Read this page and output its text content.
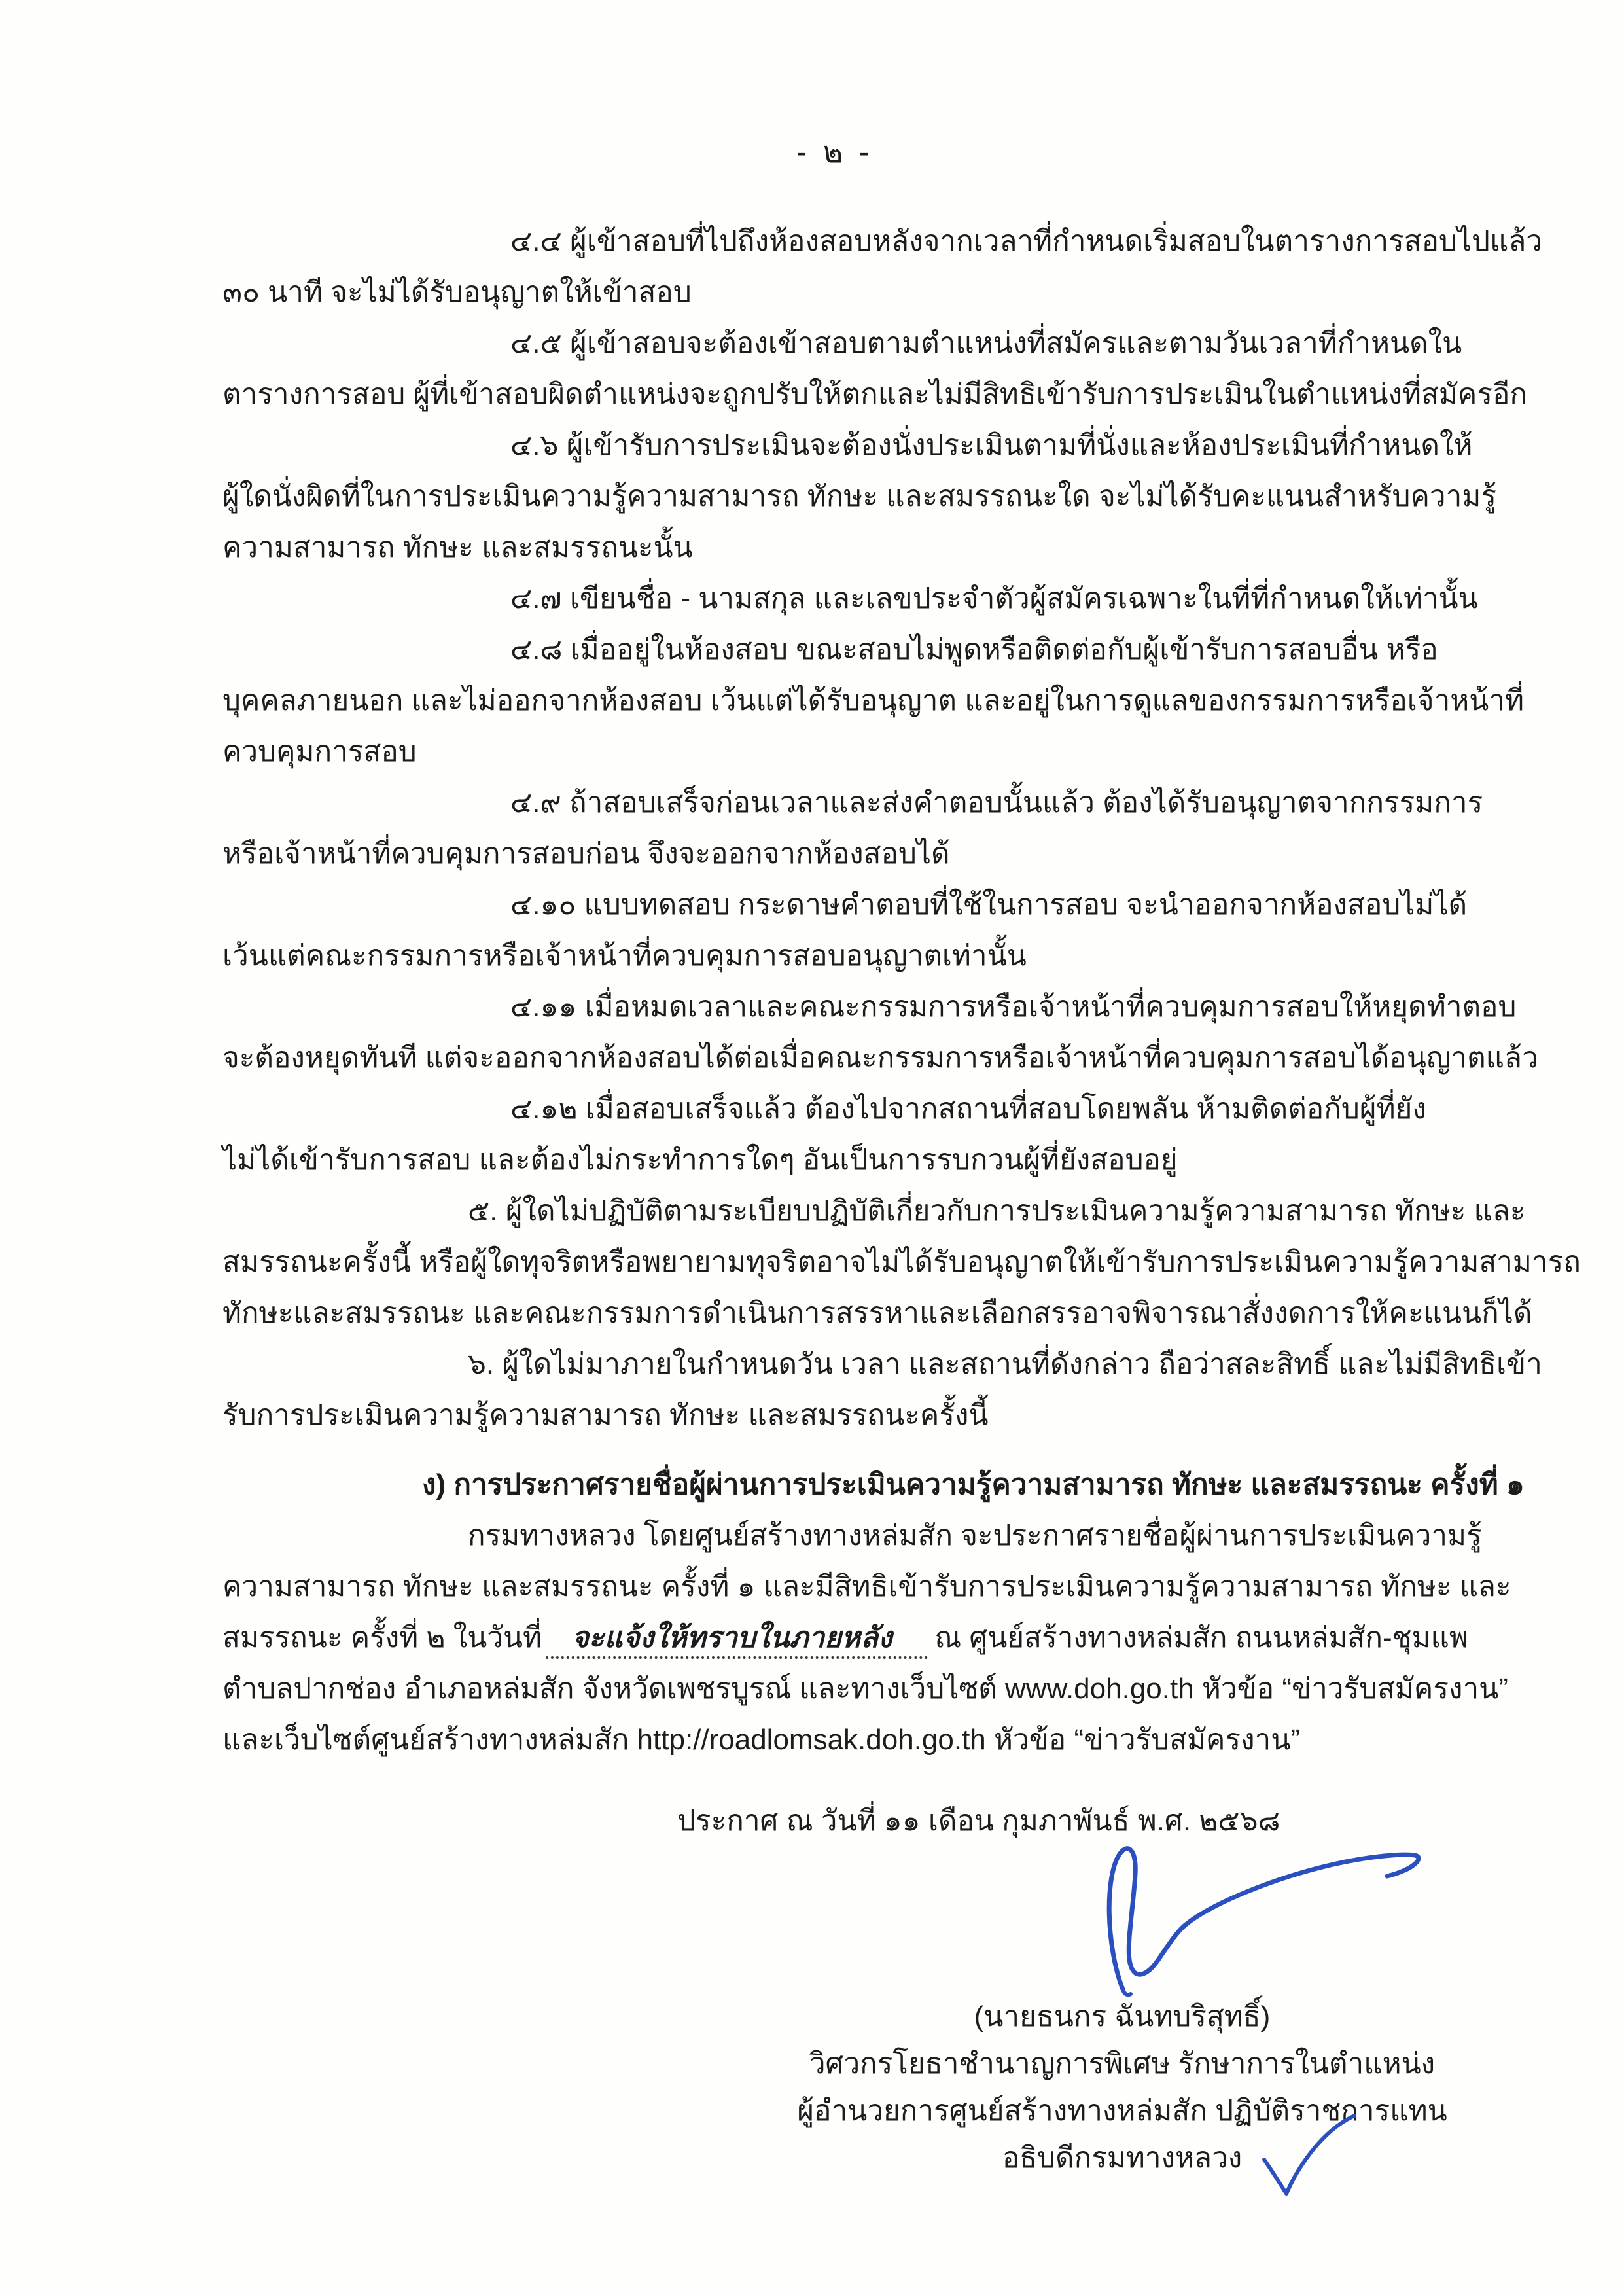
- ๒ -
๔.๔ ผู้เข้าสอบที่ไปถึงห้องสอบหลังจากเวลาที่กำหนดเริ่มสอบในตารางการสอบไปแล้ว
๓๐ นาที จะไม่ได้รับอนุญาตให้เข้าสอบ
๔.๕ ผู้เข้าสอบจะต้องเข้าสอบตามตำแหน่งที่สมัครและตามวันเวลาที่กำหนดใน
ตารางการสอบ ผู้ที่เข้าสอบผิดตำแหน่งจะถูกปรับให้ตกและไม่มีสิทธิเข้ารับการประเมินในตำแหน่งที่สมัครอีก
๔.๖ ผู้เข้ารับการประเมินจะต้องนั่งประเมินตามที่นั่งและห้องประเมินที่กำหนดให้
ผู้ใดนั่งผิดที่ในการประเมินความรู้ความสามารถ ทักษะ และสมรรถนะใด จะไม่ได้รับคะแนนสำหรับความรู้
ความสามารถ ทักษะ และสมรรถนะนั้น
๔.๗ เขียนชื่อ - นามสกุล และเลขประจำตัวผู้สมัครเฉพาะในที่ที่กำหนดให้เท่านั้น
๔.๘ เมื่ออยู่ในห้องสอบ ขณะสอบไม่พูดหรือติดต่อกับผู้เข้ารับการสอบอื่น หรือ
บุคคลภายนอก และไม่ออกจากห้องสอบ เว้นแต่ได้รับอนุญาต และอยู่ในการดูแลของกรรมการหรือเจ้าหน้าที่
ควบคุมการสอบ
๔.๙ ถ้าสอบเสร็จก่อนเวลาและส่งคำตอบนั้นแล้ว ต้องได้รับอนุญาตจากกรรมการ
หรือเจ้าหน้าที่ควบคุมการสอบก่อน จึงจะออกจากห้องสอบได้
๔.๑๐ แบบทดสอบ กระดาษคำตอบที่ใช้ในการสอบ จะนำออกจากห้องสอบไม่ได้
เว้นแต่คณะกรรมการหรือเจ้าหน้าที่ควบคุมการสอบอนุญาตเท่านั้น
๔.๑๑ เมื่อหมดเวลาและคณะกรรมการหรือเจ้าหน้าที่ควบคุมการสอบให้หยุดทำตอบ
จะต้องหยุดทันที แต่จะออกจากห้องสอบได้ต่อเมื่อคณะกรรมการหรือเจ้าหน้าที่ควบคุมการสอบได้อนุญาตแล้ว
๔.๑๒ เมื่อสอบเสร็จแล้ว ต้องไปจากสถานที่สอบโดยพลัน ห้ามติดต่อกับผู้ที่ยัง
ไม่ได้เข้ารับการสอบ และต้องไม่กระทำการใดๆ อันเป็นการรบกวนผู้ที่ยังสอบอยู่
๕. ผู้ใดไม่ปฏิบัติตามระเบียบปฏิบัติเกี่ยวกับการประเมินความรู้ความสามารถ ทักษะ และ
สมรรถนะครั้งนี้ หรือผู้ใดทุจริตหรือพยายามทุจริตอาจไม่ได้รับอนุญาตให้เข้ารับการประเมินความรู้ความสามารถ
ทักษะและสมรรถนะ และคณะกรรมการดำเนินการสรรหาและเลือกสรรอาจพิจารณาสั่งงดการให้คะแนนก็ได้
๖. ผู้ใดไม่มาภายในกำหนดวัน เวลา และสถานที่ดังกล่าว ถือว่าสละสิทธิ์ และไม่มีสิทธิเข้า
รับการประเมินความรู้ความสามารถ ทักษะ และสมรรถนะครั้งนี้
ง) การประกาศรายชื่อผู้ผ่านการประเมินความรู้ความสามารถ ทักษะ และสมรรถนะ ครั้งที่ ๑
กรมทางหลวง โดยศูนย์สร้างทางหล่มสัก จะประกาศรายชื่อผู้ผ่านการประเมินความรู้
ความสามารถ ทักษะ และสมรรถนะ ครั้งที่ ๑ และมีสิทธิเข้ารับการประเมินความรู้ความสามารถ ทักษะ และ
สมรรถนะ ครั้งที่ ๒ ในวันที่ จะแจ้งให้ทราบในภายหลัง ณ ศูนย์สร้างทางหล่มสัก ถนนหล่มสัก-ชุมแพ
ตำบลปากช่อง อำเภอหล่มสัก จังหวัดเพชรบูรณ์ และทางเว็บไซต์ www.doh.go.th หัวข้อ “ข่าวรับสมัครงาน”
และเว็บไซต์ศูนย์สร้างทางหล่มสัก http://roadlomsak.doh.go.th หัวข้อ “ข่าวรับสมัครงาน”
ประกาศ ณ วันที่ ๑๑ เดือน กุมภาพันธ์ พ.ศ. ๒๕๖๘
(นายธนกร ฉันทบริสุทธิ์)
วิศวกรโยธาชำนาญการพิเศษ รักษาการในตำแหน่ง
ผู้อำนวยการศูนย์สร้างทางหล่มสัก ปฏิบัติราชการแทน
อธิบดีกรมทางหลวง
